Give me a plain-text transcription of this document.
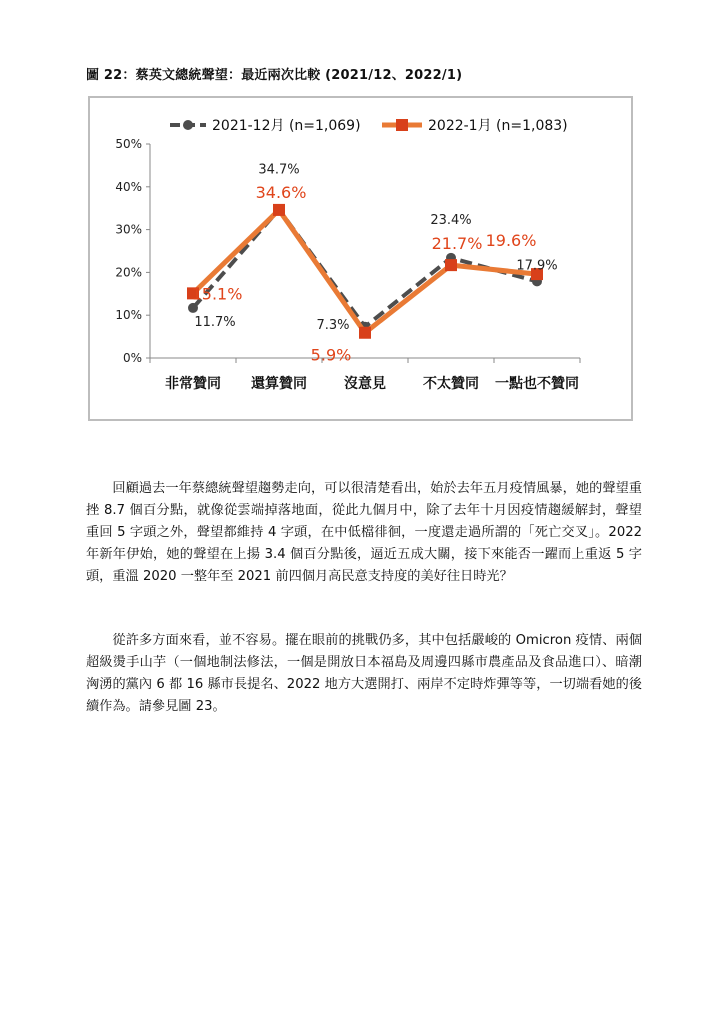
圖 22：蔡英文總統聲望：最近兩次比較 (2021/12、2022/1)
2021-12月 (n=1,069)	2022-1月 (n=1,083)
0%
10%
20%
30%
40%
50%
非常贊同 還算贊同	沒意見	不太贊同 一點也不贊同
11.7%
34.7%
7.3%
23.4%
17.9%
15.1%
34.6%
5.9%
21.7% 19.6%

回顧過去一年蔡總統聲望趨勢走向，可以很清楚看出，始於去年五月疫情風暴，她的聲望重挫 8.7 個百分點，就像從雲端掉落地面，從此九個月中，除了去年十月因疫情趨緩解封，聲望重回 5 字頭之外，聲望都維持 4 字頭，在中低檔徘徊，一度還走過所謂的「死亡交叉」。2022 年新年伊始，她的聲望在上揚 3.4 個百分點後，逼近五成大關，接下來能否一躍而上重返 5 字頭，重溫 2020 一整年至 2021 前四個月高民意支持度的美好往日時光？

從許多方面來看，並不容易。擺在眼前的挑戰仍多，其中包括嚴峻的 Omicron 疫情、兩個超級燙手山芋（一個地制法修法，一個是開放日本福島及周邊四縣市農產品及食品進口）、暗潮洶湧的黨內 6 都 16 縣市長提名、2022 地方大選開打、兩岸不定時炸彈等等，一切端看她的後續作為。請參見圖 23。
